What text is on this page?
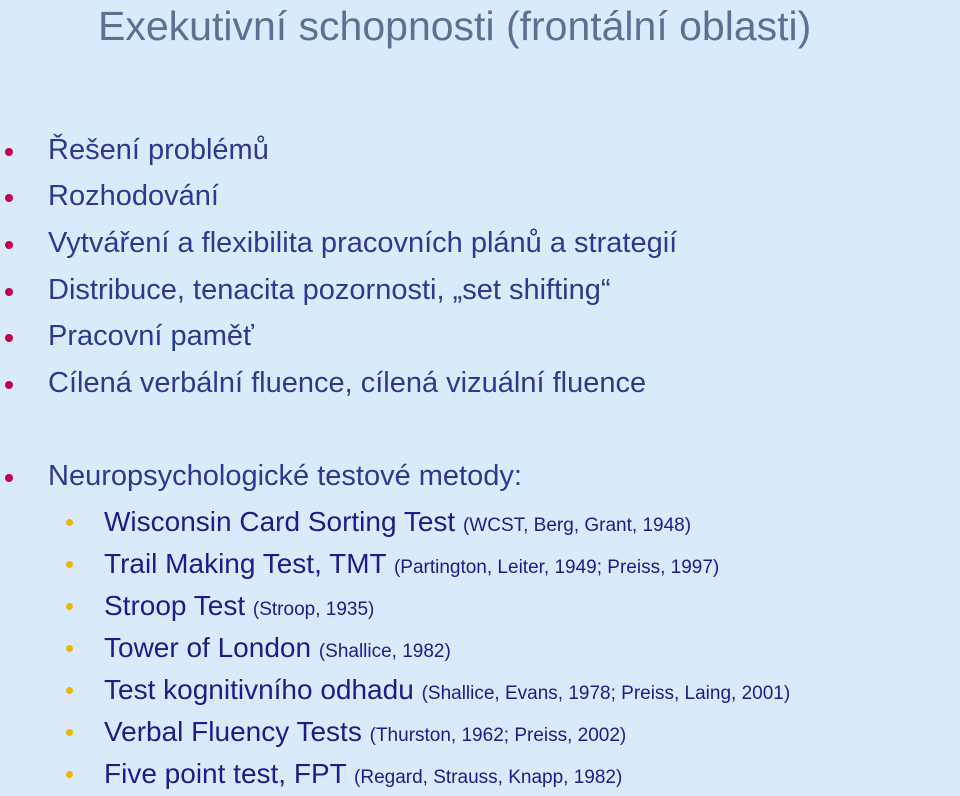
Exekutivní schopnosti (frontální oblasti)
Řešení problémů
Rozhodování
Vytváření a flexibilita pracovních plánů a strategií
Distribuce, tenacita pozornosti, „set shifting“
Pracovní paměť
Cílená verbální fluence, cílená vizuální fluence
Neuropsychologické testové metody:
Wisconsin Card Sorting Test (WCST, Berg, Grant, 1948)
Trail Making Test, TMT (Partington, Leiter, 1949; Preiss, 1997)
Stroop Test (Stroop, 1935)
Tower of London (Shallice, 1982)
Test kognitivního odhadu (Shallice, Evans, 1978; Preiss, Laing, 2001)
Verbal Fluency Tests (Thurston, 1962; Preiss, 2002)
Five point test, FPT (Regard, Strauss, Knapp, 1982)
